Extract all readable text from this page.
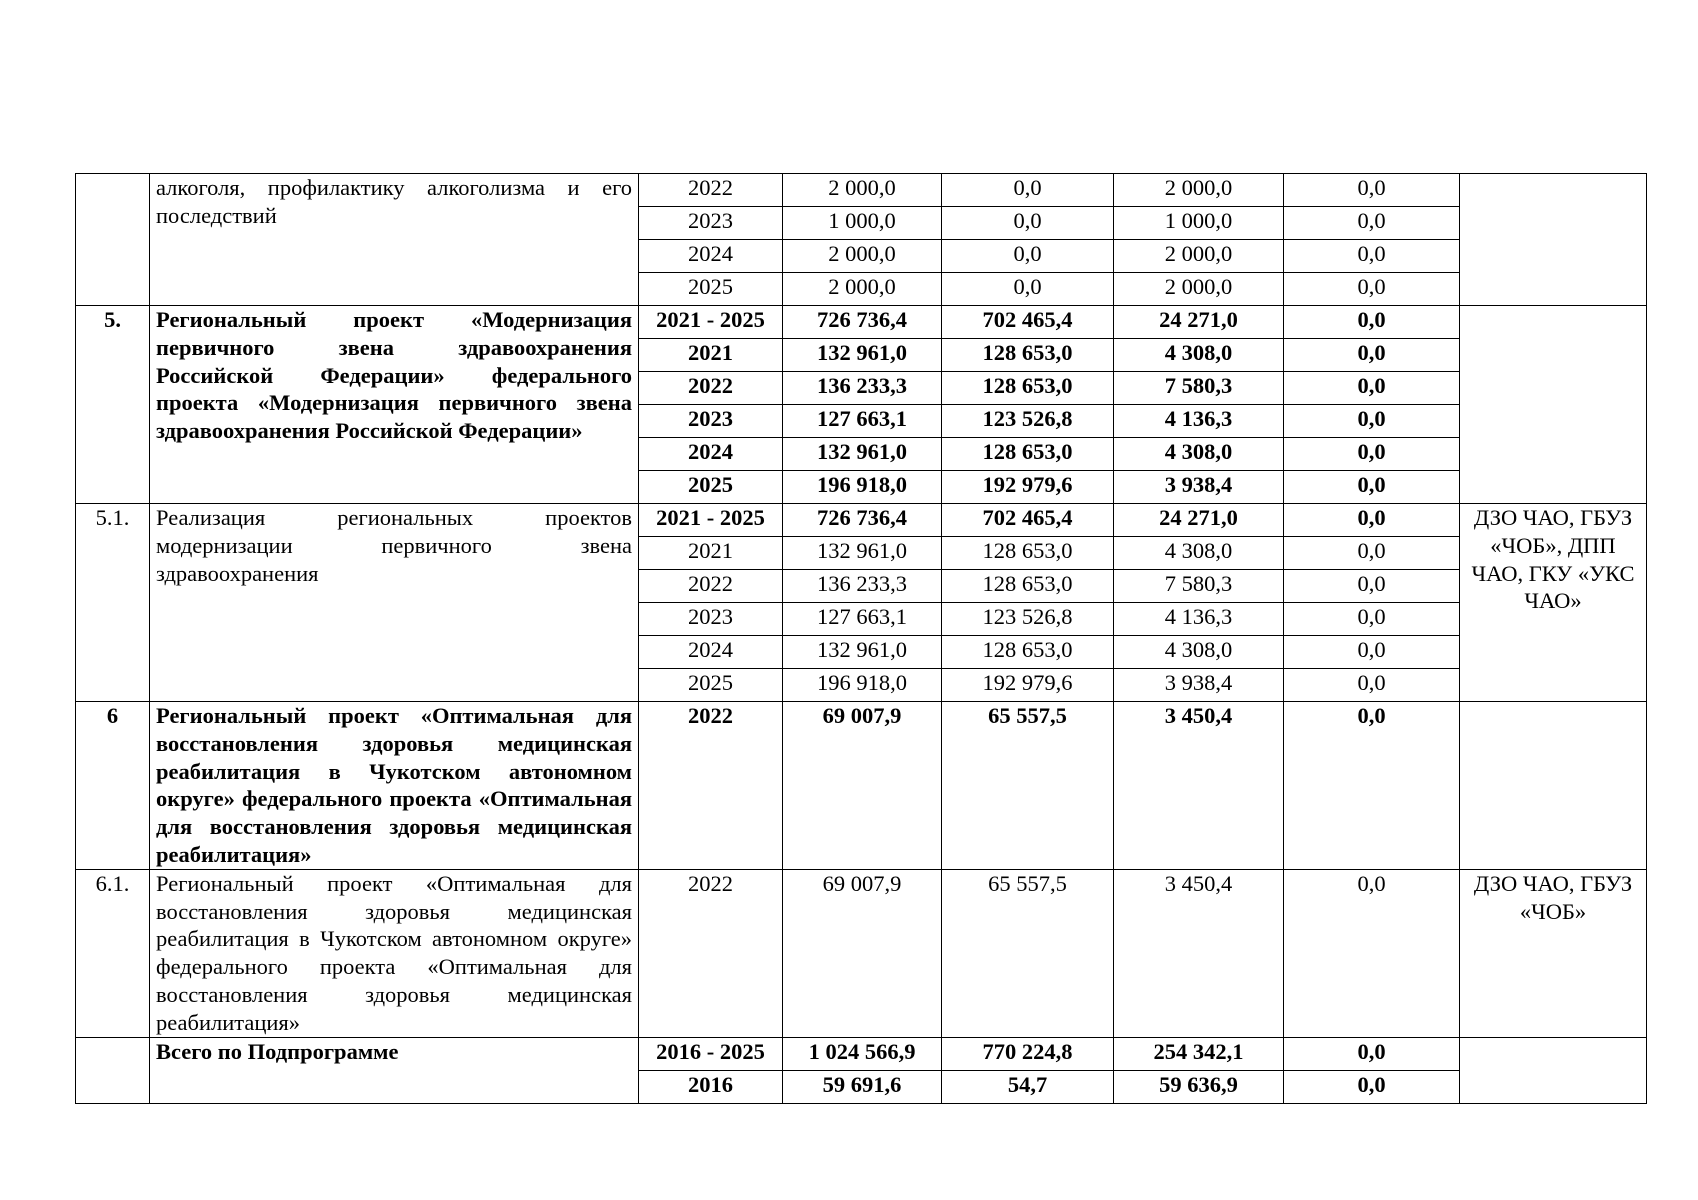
	алкоголя, профилактику алкоголизма и его последствий	2022	2 000,0	0,0	2 000,0	0,0	
		2023	1 000,0	0,0	1 000,0	0,0	
		2024	2 000,0	0,0	2 000,0	0,0	
		2025	2 000,0	0,0	2 000,0	0,0	
5.	Региональный проект «Модернизация первичного звена здравоохранения Российской Федерации» федерального проекта «Модернизация первичного звена здравоохранения Российской Федерации»	2021 - 2025	726 736,4	702 465,4	24 271,0	0,0	
		2021	132 961,0	128 653,0	4 308,0	0,0	
		2022	136 233,3	128 653,0	7 580,3	0,0	
		2023	127 663,1	123 526,8	4 136,3	0,0	
		2024	132 961,0	128 653,0	4 308,0	0,0	
		2025	196 918,0	192 979,6	3 938,4	0,0	
5.1.	Реализация региональных проектов модернизации первичного звена здравоохранения	2021 - 2025	726 736,4	702 465,4	24 271,0	0,0	ДЗО ЧАО, ГБУЗ «ЧОБ», ДПП ЧАО, ГКУ «УКС ЧАО»
		2021	132 961,0	128 653,0	4 308,0	0,0	
		2022	136 233,3	128 653,0	7 580,3	0,0	
		2023	127 663,1	123 526,8	4 136,3	0,0	
		2024	132 961,0	128 653,0	4 308,0	0,0	
		2025	196 918,0	192 979,6	3 938,4	0,0	
6	Региональный проект «Оптимальная для восстановления здоровья медицинская реабилитация в Чукотском автономном округе» федерального проекта «Оптимальная для восстановления здоровья медицинская реабилитация»	2022	69 007,9	65 557,5	3 450,4	0,0	
6.1.	Региональный проект «Оптимальная для восстановления здоровья медицинская реабилитация в Чукотском автономном округе» федерального проекта «Оптимальная для восстановления здоровья медицинская реабилитация»	2022	69 007,9	65 557,5	3 450,4	0,0	ДЗО ЧАО, ГБУЗ «ЧОБ»
	Всего по Подпрограмме	2016 - 2025	1 024 566,9	770 224,8	254 342,1	0,0	
		2016	59 691,6	54,7	59 636,9	0,0	
